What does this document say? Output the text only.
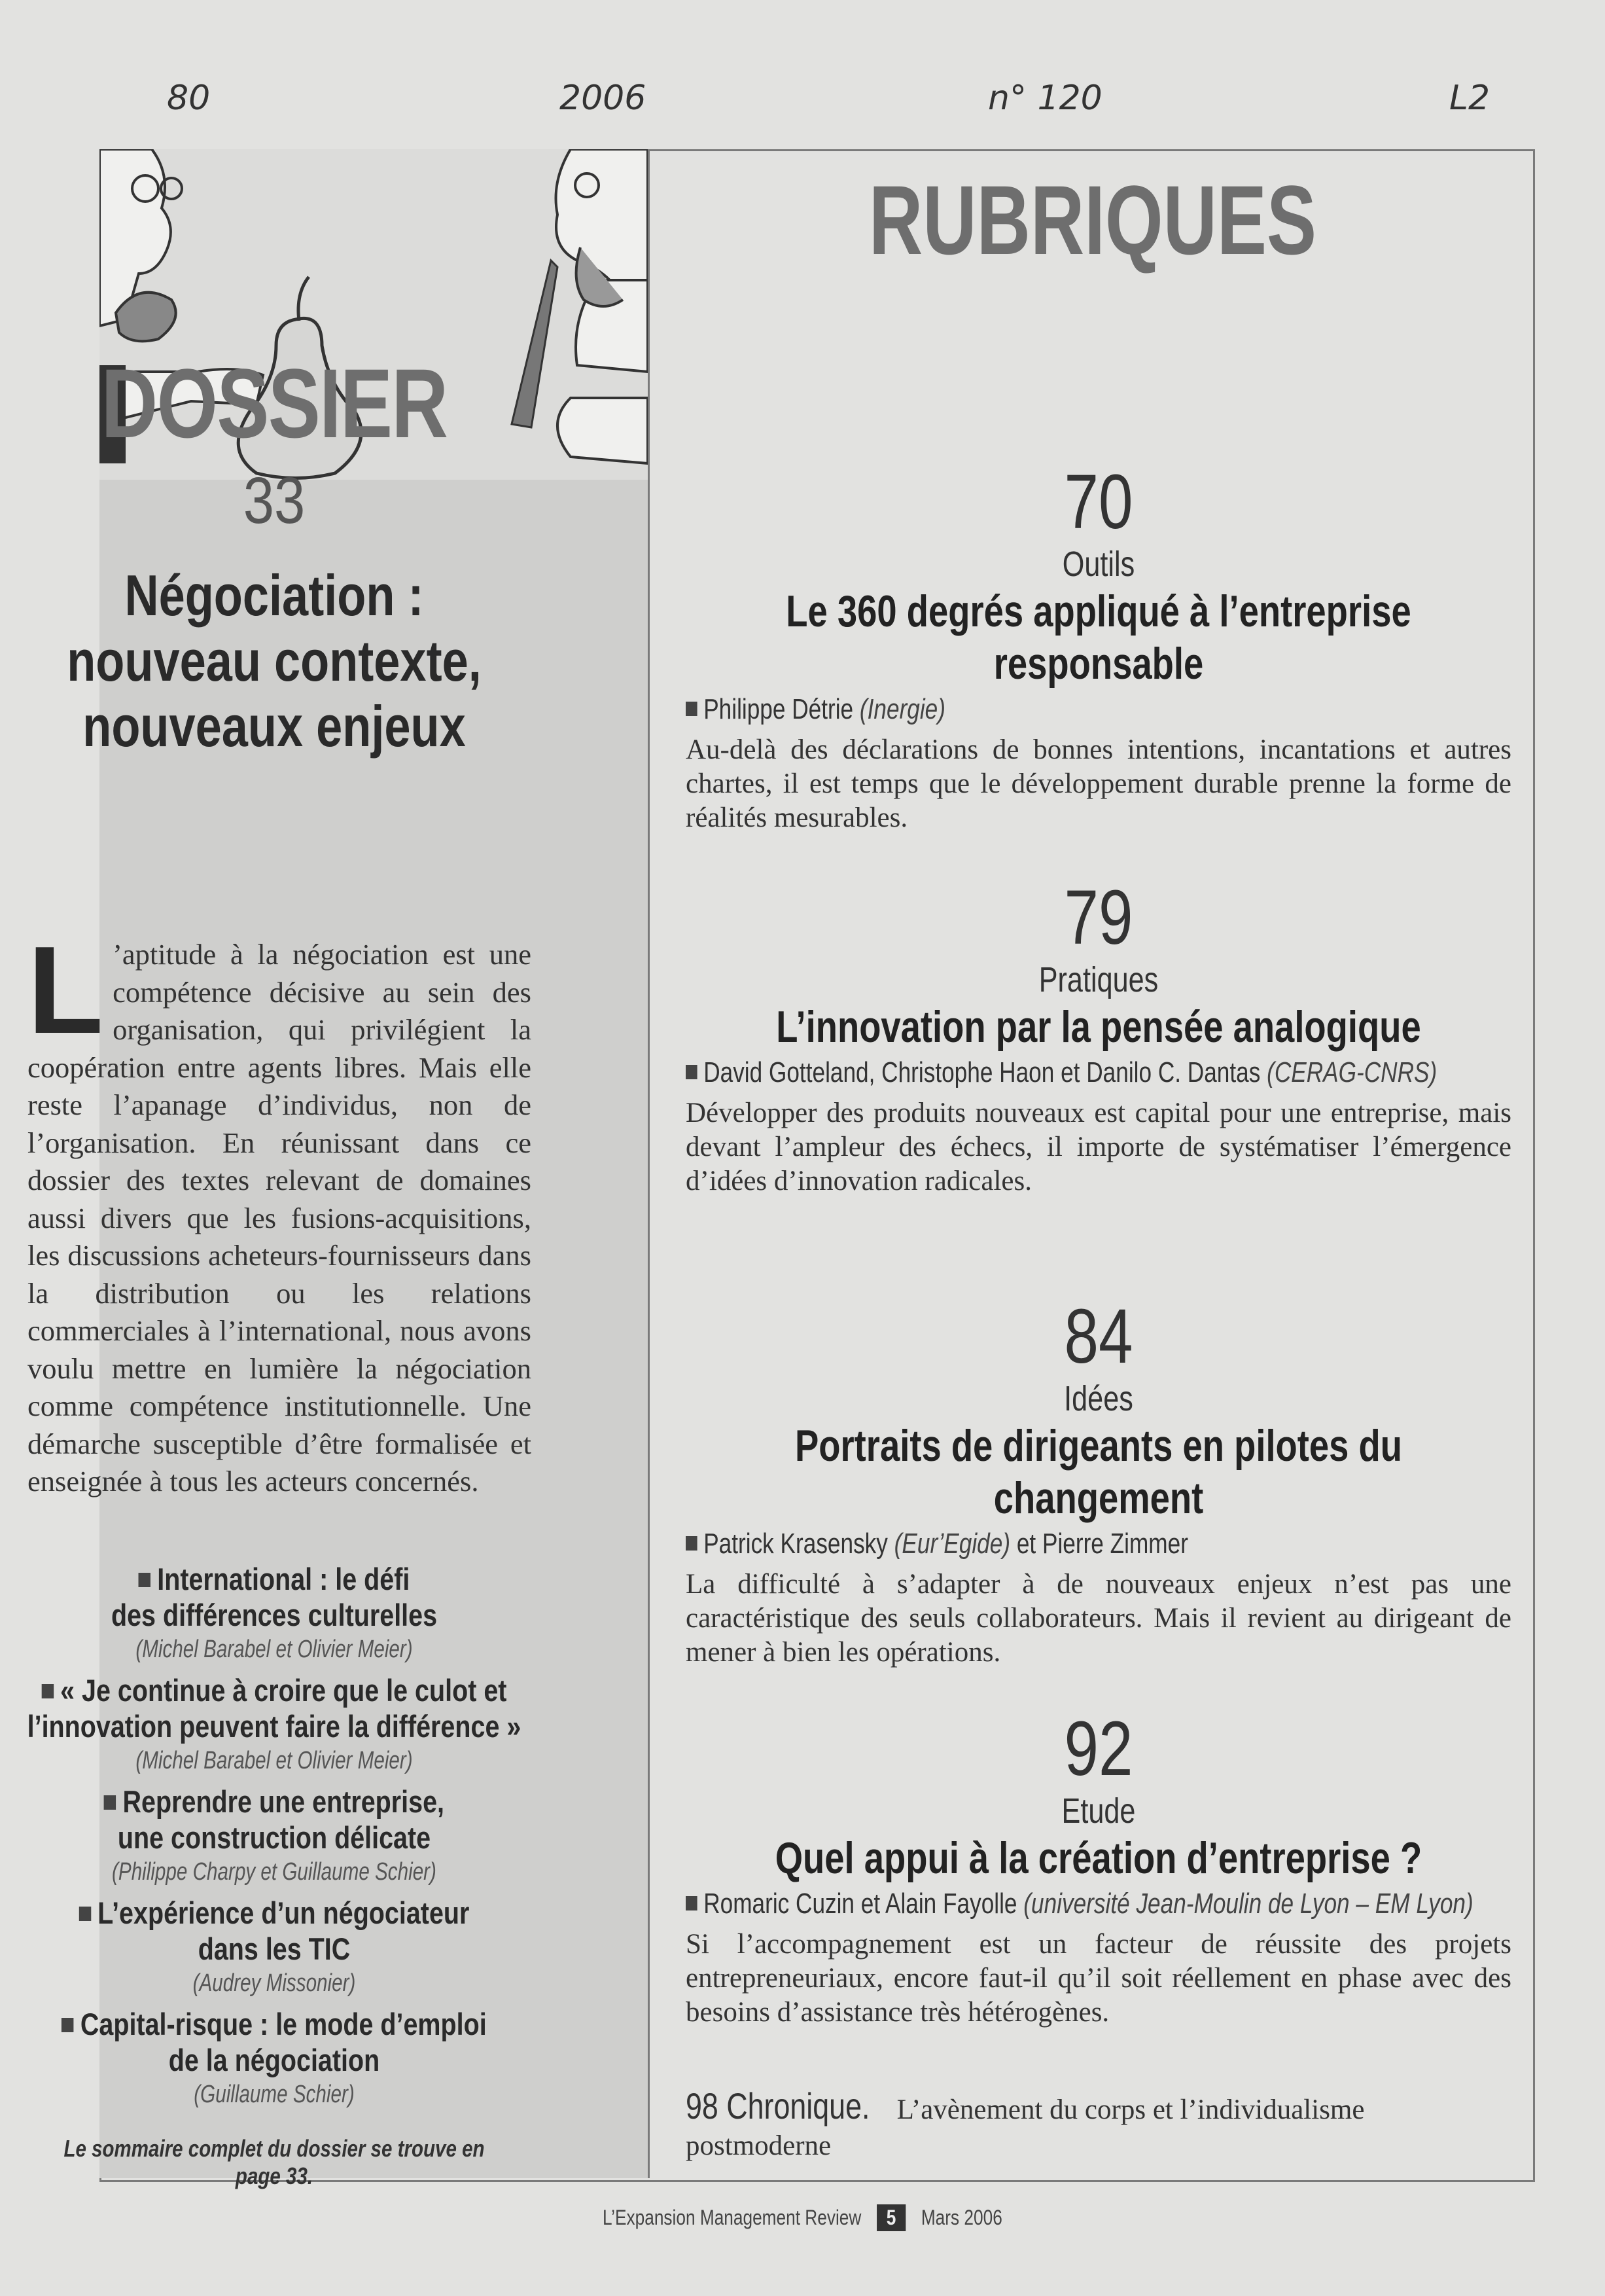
80	2006	n° 120	L2
DOSSIER
33
Négociation :
nouveau contexte,
nouveaux enjeux
L ’aptitude à la négociation est une compétence décisive au sein des organisation, qui privilégient la coopération entre agents libres. Mais elle reste l’apanage d’individus, non de l’organisation. En réunissant dans ce dossier des textes relevant de domaines aussi divers que les fusions-acquisitions, les discussions acheteurs-fournisseurs dans la distribution ou les relations commerciales à l’international, nous avons voulu mettre en lumière la négociation comme compétence institutionnelle. Une démarche susceptible d’être formalisée et enseignée à tous les acteurs concernés.
International : le défi
des différences culturelles
(Michel Barabel et Olivier Meier)
« Je continue à croire que le culot et
l’innovation peuvent faire la différence »
(Michel Barabel et Olivier Meier)
Reprendre une entreprise,
une construction délicate
(Philippe Charpy et Guillaume Schier)
L’expérience d’un négociateur
dans les TIC
(Audrey Missonier)
Capital-risque : le mode d’emploi
de la négociation
(Guillaume Schier)
Le sommaire complet du dossier se trouve en page 33.
RUBRIQUES
70
Outils
Le 360 degrés appliqué à l’entreprise responsable
Philippe Détrie (Inergie)
Au-delà des déclarations de bonnes intentions, incantations et autres chartes, il est temps que le développement durable prenne la forme de réalités mesurables.
79
Pratiques
L’innovation par la pensée analogique
David Gotteland, Christophe Haon et Danilo C. Dantas (CERAG-CNRS)
Développer des produits nouveaux est capital pour une entreprise, mais devant l’ampleur des échecs, il importe de systématiser l’émergence d’idées d’innovation radicales.
84
Idées
Portraits de dirigeants en pilotes du changement
Patrick Krasensky (Eur’Egide) et Pierre Zimmer
La difficulté à s’adapter à de nouveaux enjeux n’est pas une caractéristique des seuls collaborateurs. Mais il revient au dirigeant de mener à bien les opérations.
92
Etude
Quel appui à la création d’entreprise ?
Romaric Cuzin et Alain Fayolle (université Jean-Moulin de Lyon – EM Lyon)
Si l’accompagnement est un facteur de réussite des projets entrepreneuriaux, encore faut-il qu’il soit réellement en phase avec des besoins d’assistance très hétérogènes.
98 Chronique. L’avènement du corps et l’individualisme postmoderne
L’Expansion Management Review 5 Mars 2006
